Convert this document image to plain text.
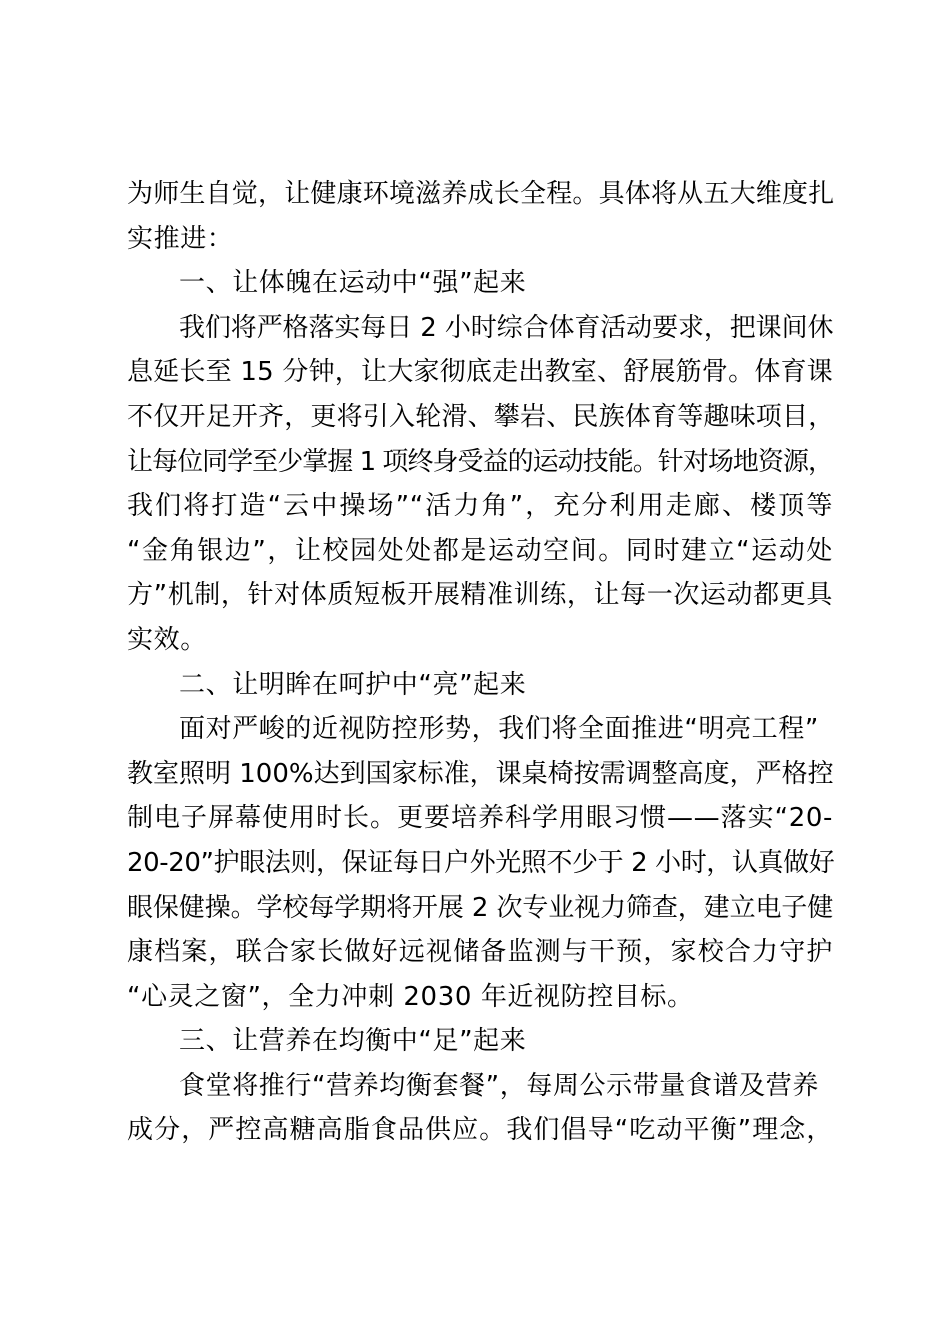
为师生自觉，让健康环境滋养成长全程。具体将从五大维度扎
实推进：

一、让体魄在运动中“强”起来

我们将严格落实每日 2 小时综合体育活动要求，把课间休
息延长至 15 分钟，让大家彻底走出教室、舒展筋骨。体育课
不仅开足开齐，更将引入轮滑、攀岩、民族体育等趣味项目，
让每位同学至少掌握 1 项终身受益的运动技能。针对场地资源，
我们将打造“云中操场”“活力角”，充分利用走廊、楼顶等
“金角银边”，让校园处处都是运动空间。同时建立“运动处
方”机制，针对体质短板开展精准训练，让每一次运动都更具
实效。

二、让明眸在呵护中“亮”起来

面对严峻的近视防控形势，我们将全面推进“明亮工程”
教室照明 100%达到国家标准，课桌椅按需调整高度，严格控
制电子屏幕使用时长。更要培养科学用眼习惯——落实“20-
20-20”护眼法则，保证每日户外光照不少于 2 小时，认真做好
眼保健操。学校每学期将开展 2 次专业视力筛查，建立电子健
康档案，联合家长做好远视储备监测与干预，家校合力守护
“心灵之窗”，全力冲刺 2030 年近视防控目标。

三、让营养在均衡中“足”起来

食堂将推行“营养均衡套餐”，每周公示带量食谱及营养
成分，严控高糖高脂食品供应。我们倡导“吃动平衡”理念，
